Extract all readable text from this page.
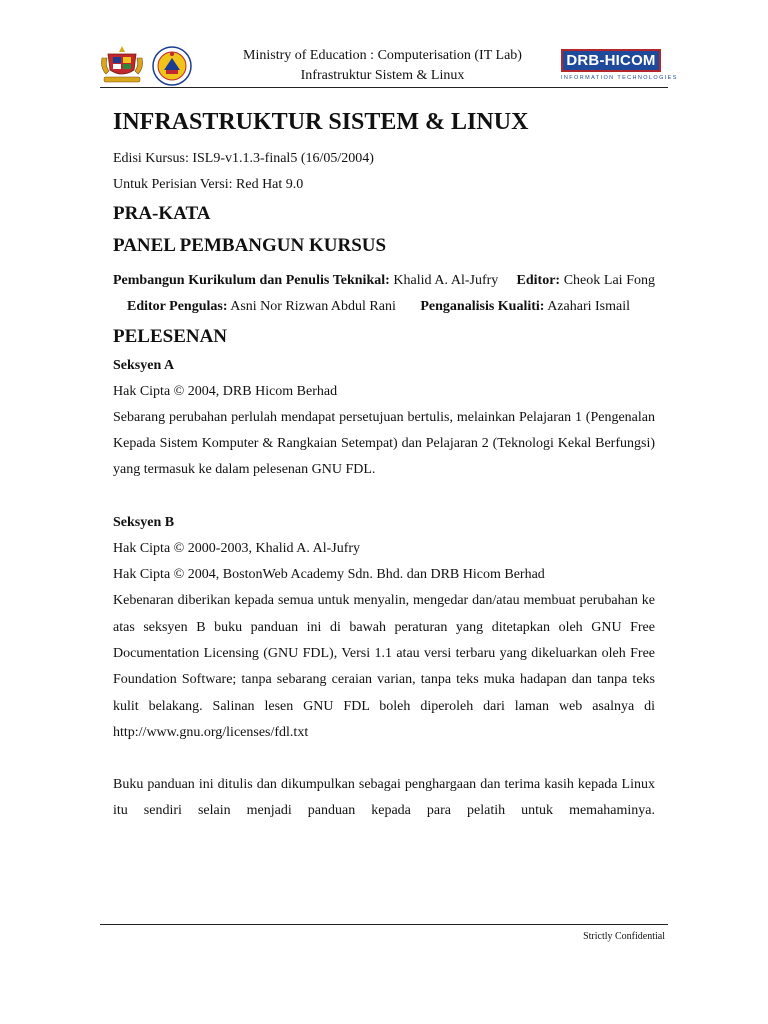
Ministry of Education : Computerisation (IT Lab)
Infrastruktur Sistem & Linux
DRB-HICOM
INFORMATION TECHNOLOGIES
INFRASTRUKTUR SISTEM & LINUX

Edisi Kursus: ISL9-v1.1.3-final5 (16/05/2004)

Untuk Perisian Versi: Red Hat 9.0

PRA-KATA
PANEL PEMBANGUN KURSUS

Pembangun Kurikulum dan Penulis Teknikal: Khalid A. Al-Jufry Editor: Cheok Lai Fong     Editor Pengulas: Asni Nor Rizwan Abdul Rani Penganalisis Kualiti: Azahari Ismail

PELESENAN

Seksyen A

Hak Cipta © 2004, DRB Hicom Berhad

Sebarang perubahan perlulah mendapat persetujuan bertulis, melainkan Pelajaran 1 (Pengenalan Kepada Sistem Komputer & Rangkaian Setempat) dan Pelajaran 2 (Teknologi Kekal Berfungsi) yang termasuk ke dalam pelesenan GNU FDL.

Seksyen B

Hak Cipta © 2000-2003, Khalid A. Al-Jufry

Hak Cipta © 2004, BostonWeb Academy Sdn. Bhd. dan DRB Hicom Berhad

Kebenaran diberikan kepada semua untuk menyalin, mengedar dan/atau membuat perubahan ke atas seksyen B buku panduan ini di bawah peraturan yang ditetapkan oleh GNU Free Documentation Licensing (GNU FDL), Versi 1.1 atau versi terbaru yang dikeluarkan oleh Free Foundation Software; tanpa sebarang ceraian varian, tanpa teks muka hadapan dan tanpa teks kulit belakang. Salinan lesen GNU FDL boleh diperoleh dari laman web asalnya di http://www.gnu.org/licenses/fdl.txt

Buku panduan ini ditulis dan dikumpulkan sebagai penghargaan dan terima kasih kepada Linux itu sendiri selain menjadi panduan kepada para pelatih untuk memahaminya.

Strictly Confidential
